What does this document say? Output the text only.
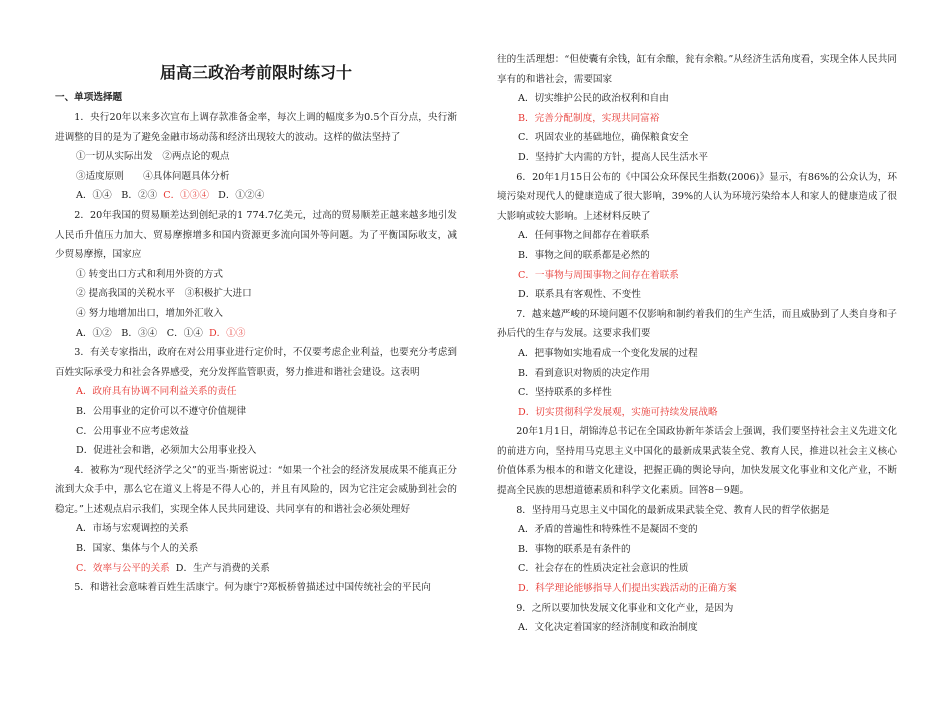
届高三政治考前限时练习十
一、单项选择题

1．央行20年以来多次宣布上调存款准备金率，每次上调的幅度多为0.5个百分点，央行渐进调整的目的是为了避免金融市场动荡和经济出现较大的波动。这样的做法坚持了

①一切从实际出发　②两点论的观点

③适度原则　　④具体问题具体分析

A．①④　B．②③ C．①③④ D．①②④

2．20年我国的贸易顺差达到创纪录的1 774.7亿美元，过高的贸易顺差正越来越多地引发人民币升值压力加大、贸易摩擦增多和国内资源更多流向国外等问题。为了平衡国际收支，减少贸易摩擦，国家应

① 转变出口方式和利用外资的方式

② 提高我国的关税水平　③积极扩大进口

④ 努力地增加出口，增加外汇收入

A．①②　B．③④　C．①④ D．①③

3．有关专家指出，政府在对公用事业进行定价时，不仅要考虑企业利益，也要充分考虑到百姓实际承受力和社会各界感受，充分发挥监管职责，努力推进和谐社会建设。这表明

A．政府具有协调不同利益关系的责任

B．公用事业的定价可以不遵守价值规律

C．公用事业不应考虑效益

D．促进社会和谐，必须加大公用事业投入

4．被称为“现代经济学之父”的亚当·斯密说过：“如果一个社会的经济发展成果不能真正分流到大众手中，那么它在道义上将是不得人心的，并且有风险的，因为它注定会威胁到社会的稳定。”上述观点启示我们，实现全体人民共同建设、共同享有的和谐社会必须处理好

A．市场与宏观调控的关系

B．国家、集体与个人的关系

C．效率与公平的关系 D．生产与消费的关系

5．和谐社会意味着百姓生活康宁。何为康宁?郑板桥曾描述过中国传统社会的平民向

往的生活理想：“但使囊有余钱，缸有余酿，瓮有余粮。”从经济生活角度看，实现全体人民共同享有的和谐社会，需要国家

A．切实维护公民的政治权利和自由

B．完善分配制度，实现共同富裕

C．巩固农业的基础地位，确保粮食安全

D．坚持扩大内需的方针，提高人民生活水平

6．20年1月15日公布的《中国公众环保民生指数(2006)》显示，有86%的公众认为，环境污染对现代人的健康造成了很大影响，39%的人认为环境污染给本人和家人的健康造成了很大影响或较大影响。上述材料反映了

A．任何事物之间都存在着联系

B．事物之间的联系都是必然的

C．一事物与周围事物之间存在着联系

D．联系具有客观性、不变性

7．越来越严峻的环境问题不仅影响和制约着我们的生产生活，而且威胁到了人类自身和子孙后代的生存与发展。这要求我们要

A．把事物如实地看成一个变化发展的过程

B．看到意识对物质的决定作用

C．坚持联系的多样性

D．切实贯彻科学发展观，实施可持续发展战略

20年1月1日，胡锦涛总书记在全国政协新年茶话会上强调，我们要坚持社会主义先进文化的前进方向，坚持用马克思主义中国化的最新成果武装全党、教育人民，推进以社会主义核心价值体系为根本的和谐文化建设，把握正确的舆论导向，加快发展文化事业和文化产业，不断提高全民族的思想道德素质和科学文化素质。回答8－9题。

8．坚持用马克思主义中国化的最新成果武装全党、教育人民的哲学依据是

A．矛盾的普遍性和特殊性不是凝固不变的

B．事物的联系是有条件的

C．社会存在的性质决定社会意识的性质

D．科学理论能够指导人们提出实践活动的正确方案

9．之所以要加快发展文化事业和文化产业，是因为

A．文化决定着国家的经济制度和政治制度
